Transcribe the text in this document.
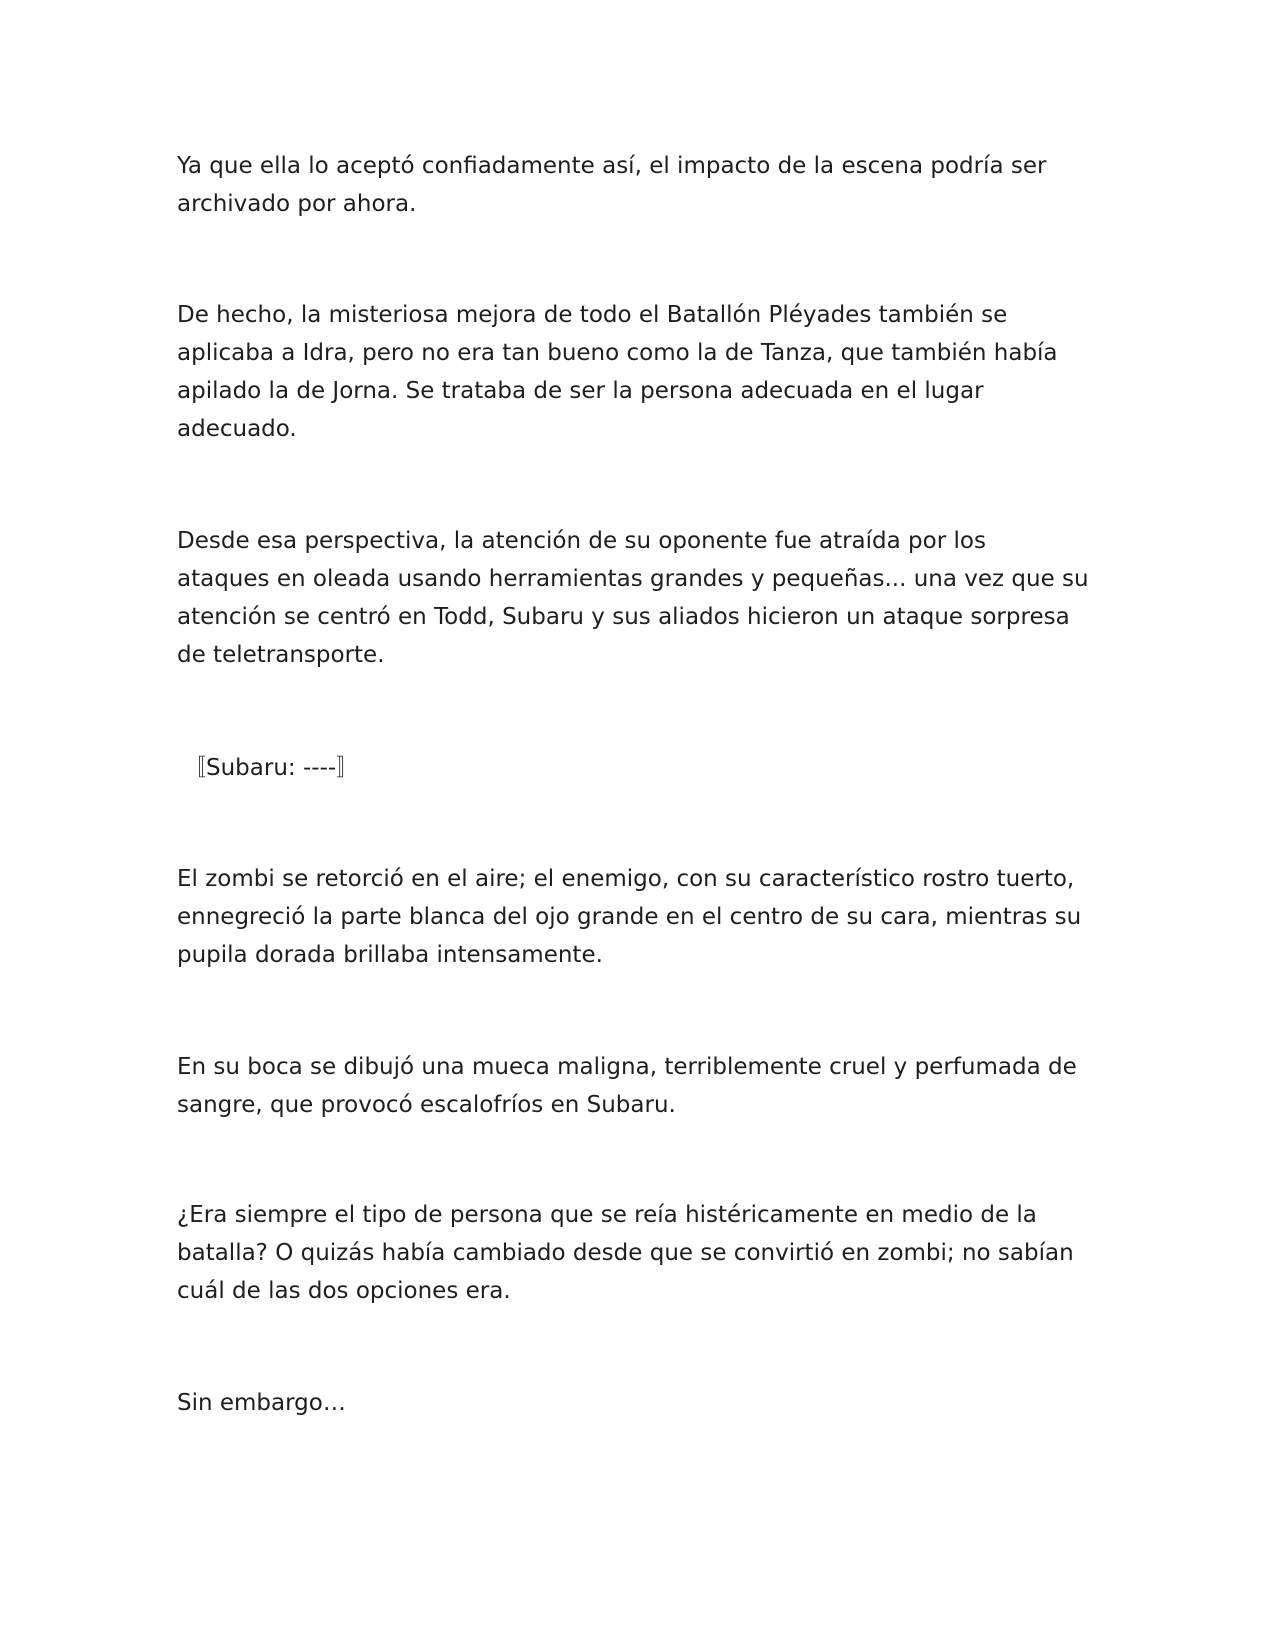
Ya que ella lo aceptó confiadamente así, el impacto de la escena podría ser
archivado por ahora.

De hecho, la misteriosa mejora de todo el Batallón Pléyades también se
aplicaba a Idra, pero no era tan bueno como la de Tanza, que también había
apilado la de Jorna. Se trataba de ser la persona adecuada en el lugar
adecuado.

Desde esa perspectiva, la atención de su oponente fue atraída por los
ataques en oleada usando herramientas grandes y pequeñas... una vez que su
atención se centró en Todd, Subaru y sus aliados hicieron un ataque sorpresa
de teletransporte.

〚Subaru: ----〛

El zombi se retorció en el aire; el enemigo, con su característico rostro tuerto,
ennegreció la parte blanca del ojo grande en el centro de su cara, mientras su
pupila dorada brillaba intensamente.

En su boca se dibujó una mueca maligna, terriblemente cruel y perfumada de
sangre, que provocó escalofríos en Subaru.

¿Era siempre el tipo de persona que se reía histéricamente en medio de la
batalla? O quizás había cambiado desde que se convirtió en zombi; no sabían
cuál de las dos opciones era.

Sin embargo…
